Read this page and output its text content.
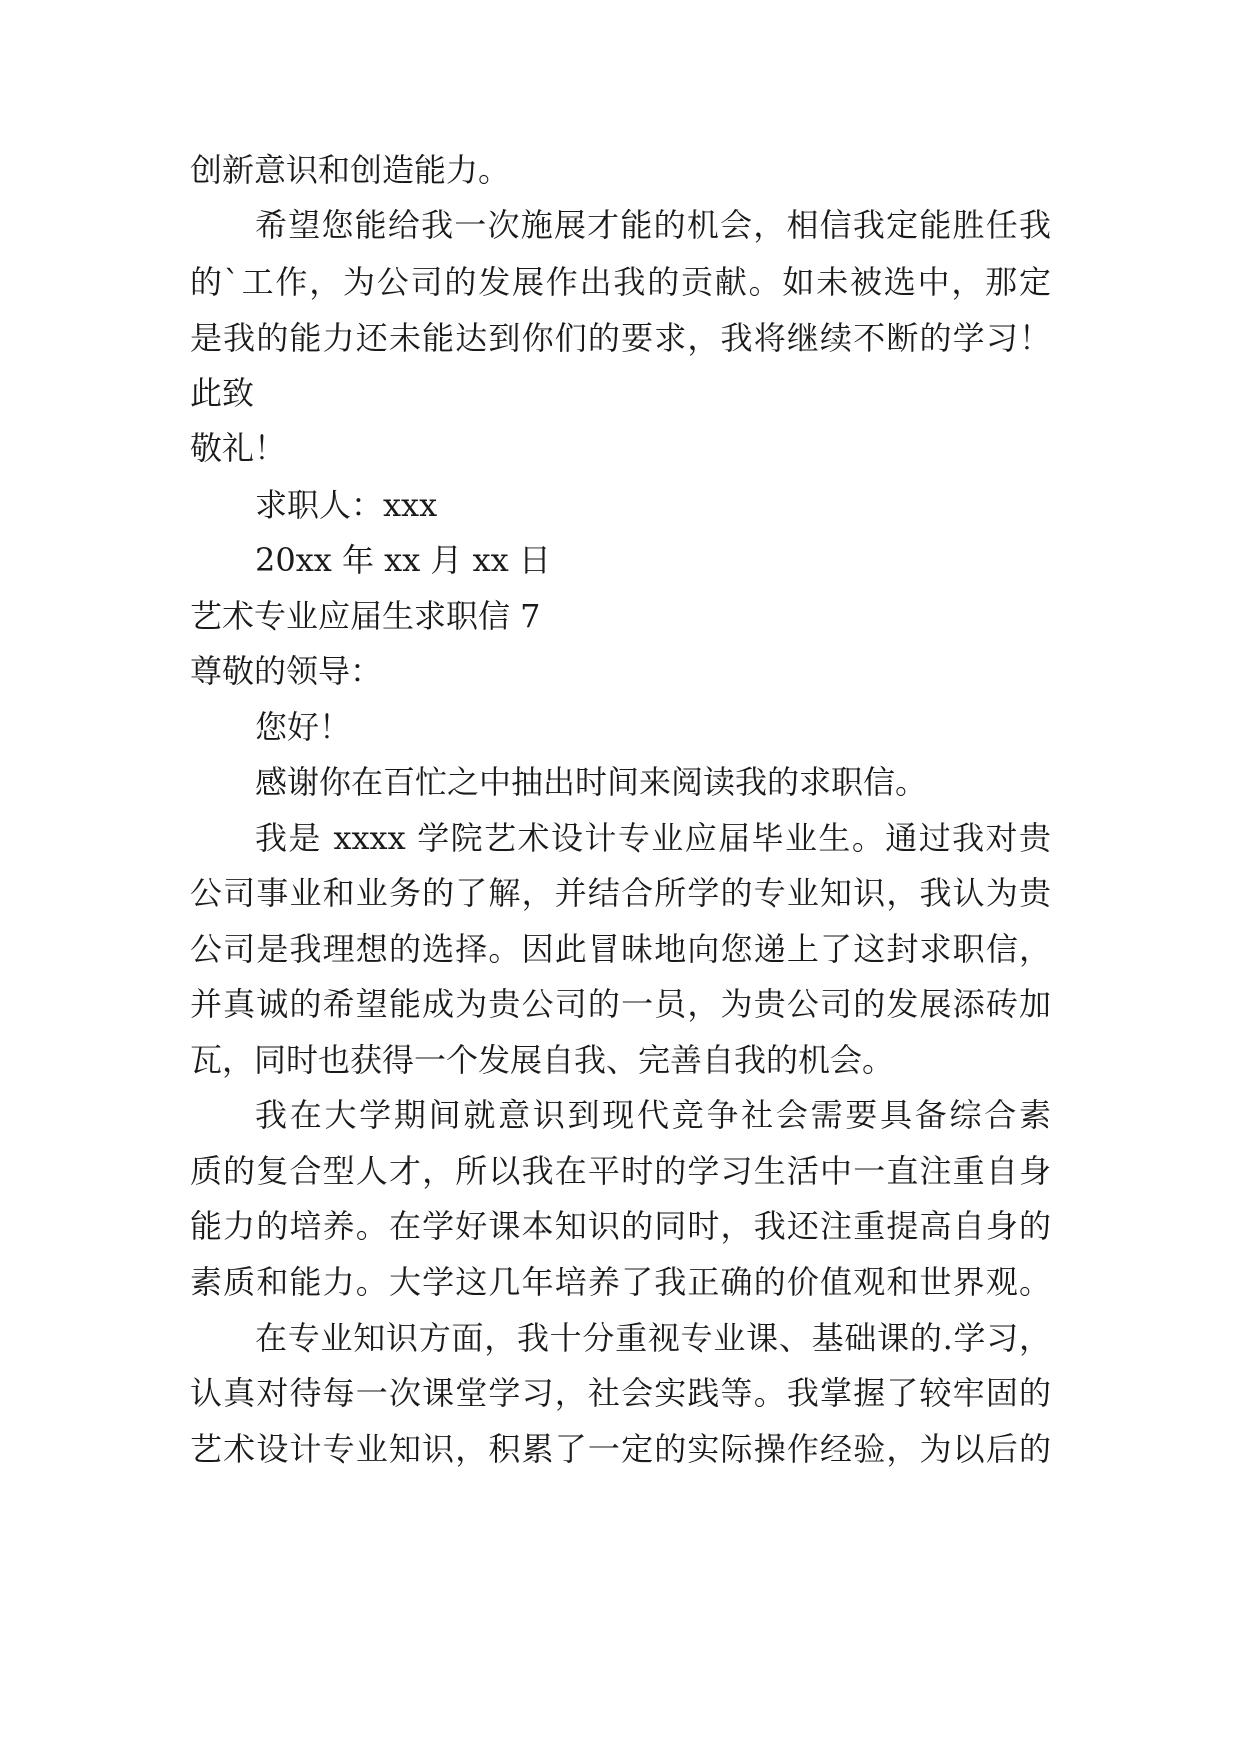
创新意识和创造能力。
希望您能给我一次施展才能的机会，相信我定能胜任我
的`工作，为公司的发展作出我的贡献。如未被选中，那定
是我的能力还未能达到你们的要求，我将继续不断的学习！
此致
敬礼！
求职人：xxx
20xx 年 xx 月 xx 日
艺术专业应届生求职信 7
尊敬的领导：
您好！
感谢你在百忙之中抽出时间来阅读我的求职信。
我是 xxxx 学院艺术设计专业应届毕业生。通过我对贵
公司事业和业务的了解，并结合所学的专业知识，我认为贵
公司是我理想的选择。因此冒昧地向您递上了这封求职信，
并真诚的希望能成为贵公司的一员，为贵公司的发展添砖加
瓦，同时也获得一个发展自我、完善自我的机会。
我在大学期间就意识到现代竞争社会需要具备综合素
质的复合型人才，所以我在平时的学习生活中一直注重自身
能力的培养。在学好课本知识的同时，我还注重提高自身的
素质和能力。大学这几年培养了我正确的价值观和世界观。
在专业知识方面，我十分重视专业课、基础课的.学习，
认真对待每一次课堂学习，社会实践等。我掌握了较牢固的
艺术设计专业知识，积累了一定的实际操作经验，为以后的
